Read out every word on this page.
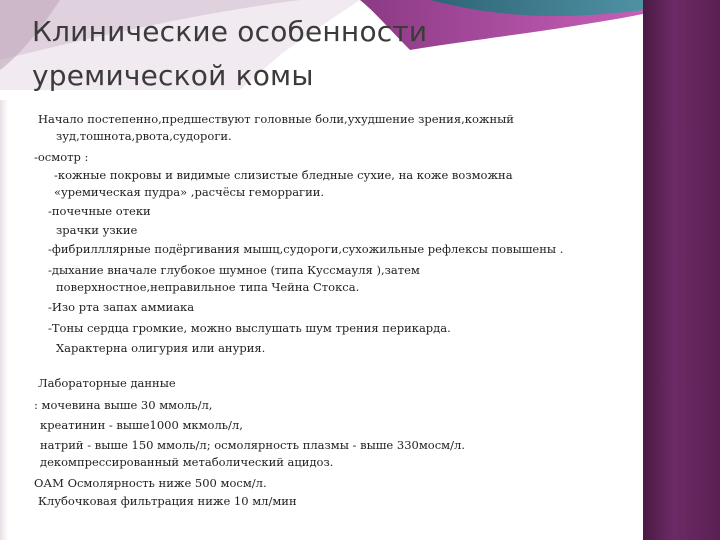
Клинические особенности
уремической комы
Начало постепенно,предшествуют головные боли,ухудшение зрения,кожный
зуд,тошнота,рвота,судороги.
-осмотр :
-кожные покровы и видимые слизистые бледные сухие, на коже возможна
«уремическая пудра» ,расчёсы геморрагии.
-почечные отеки
зрачки узкие
-фибрилллярные подёргивания мышц,судороги,сухожильные рефлексы повышены .
-дыхание вначале глубокое шумное (типа Куссмауля ),затем
поверхностное,неправильное типа Чейна Стокса.
-Изо рта запах аммиака
-Тоны сердца громкие, можно выслушать шум трения перикарда.
Характерна олигурия или анурия.
Лабораторные данные
: мочевина выше 30 ммоль/л,
креатинин - выше1000 мкмоль/л,
натрий - выше 150 ммоль/л; осмолярность плазмы - выше 330мосм/л.
декомпрессированный метаболический ацидоз.
ОАМ Осмолярность ниже 500 мосм/л.
Клубочковая фильтрация ниже 10 мл/мин
